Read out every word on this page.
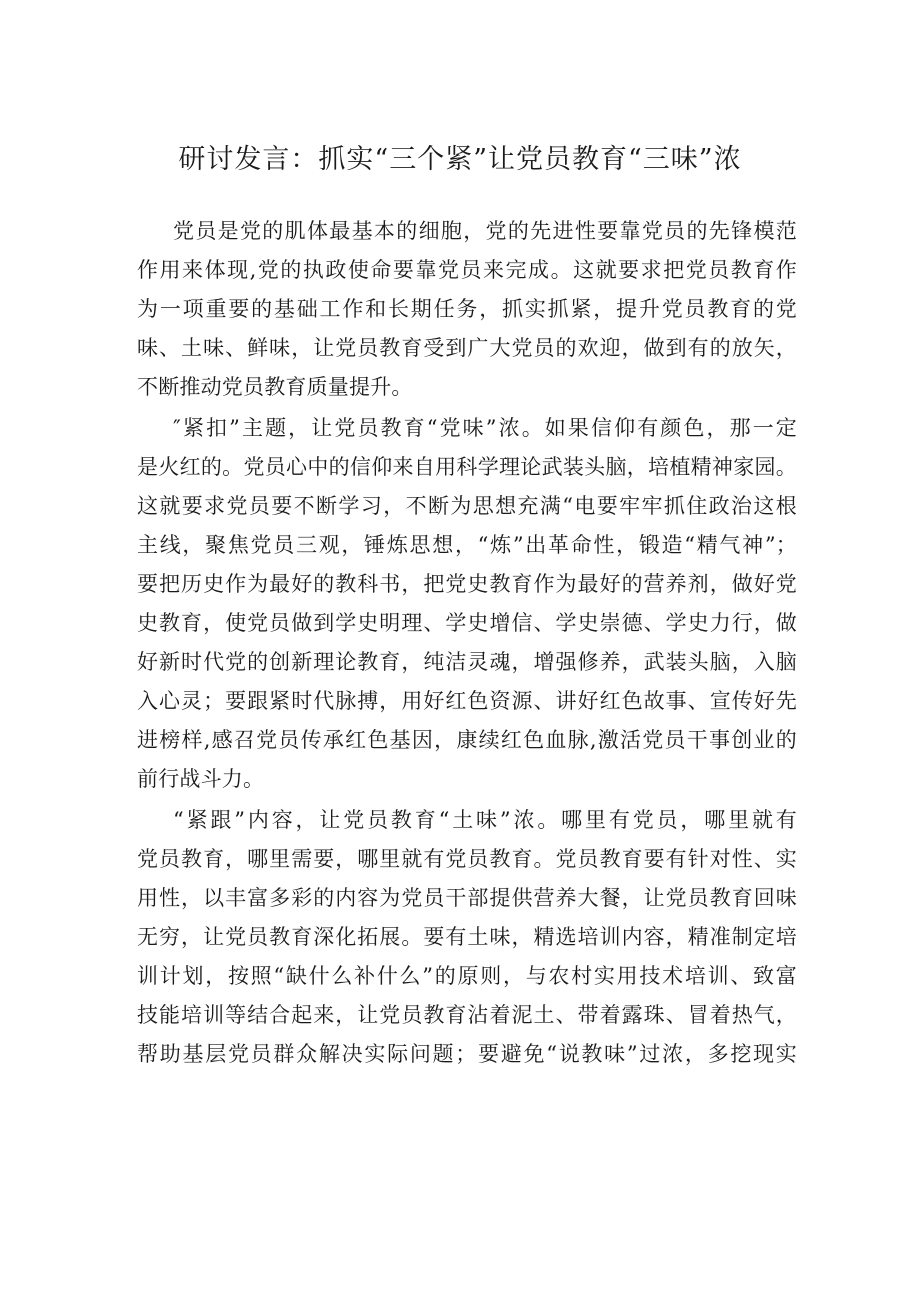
研讨发言：抓实“三个紧”让党员教育“三味”浓
党员是党的肌体最基本的细胞，党的先进性要靠党员的先锋模范
作用来体现,党的执政使命要靠党员来完成。这就要求把党员教育作
为一项重要的基础工作和长期任务，抓实抓紧，提升党员教育的党
味、土味、鲜味，让党员教育受到广大党员的欢迎，做到有的放矢，
不断推动党员教育质量提升。
″紧扣”主题，让党员教育“党味”浓。如果信仰有颜色，那一定
是火红的。党员心中的信仰来自用科学理论武装头脑，培植精神家园。
这就要求党员要不断学习，不断为思想充满“电要牢牢抓住政治这根
主线，聚焦党员三观，锤炼思想，“炼”出革命性，锻造“精气神”；
要把历史作为最好的教科书，把党史教育作为最好的营养剂，做好党
史教育，使党员做到学史明理、学史增信、学史崇德、学史力行，做
好新时代党的创新理论教育，纯洁灵魂，增强修养，武装头脑，入脑
入心灵；要跟紧时代脉搏，用好红色资源、讲好红色故事、宣传好先
进榜样,感召党员传承红色基因，康续红色血脉,激活党员干事创业的
前行战斗力。
“紧跟”内容，让党员教育“土味”浓。哪里有党员，哪里就有
党员教育，哪里需要，哪里就有党员教育。党员教育要有针对性、实
用性，以丰富多彩的内容为党员干部提供营养大餐，让党员教育回味
无穷，让党员教育深化拓展。要有土味，精选培训内容，精准制定培
训计划，按照“缺什么补什么”的原则，与农村实用技术培训、致富
技能培训等结合起来，让党员教育沾着泥土、带着露珠、冒着热气，
帮助基层党员群众解决实际问题；要避免“说教味”过浓，多挖现实
